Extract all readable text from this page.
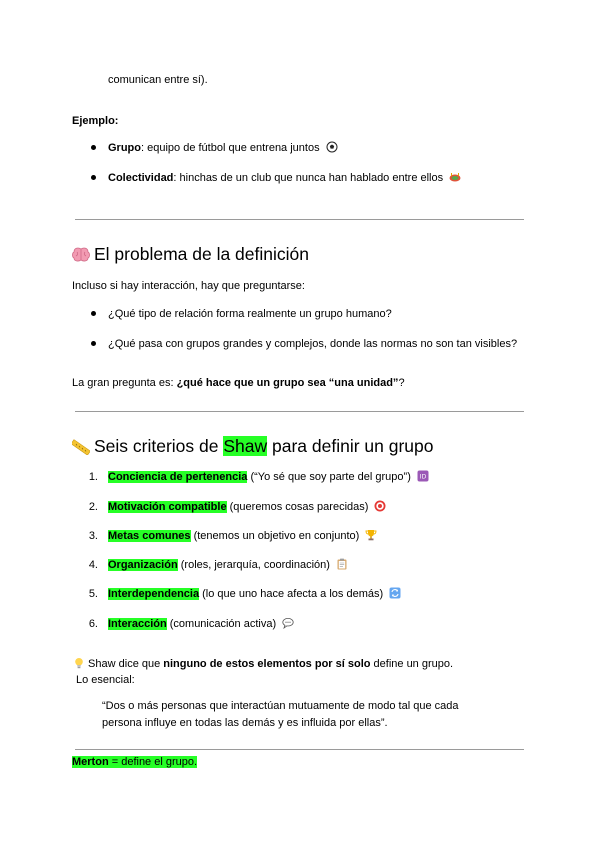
comunican entre sí).
Ejemplo:
Grupo: equipo de fútbol que entrena juntos
Colectividad: hinchas de un club que nunca han hablado entre ellos
El problema de la definición
Incluso si hay interacción, hay que preguntarse:
¿Qué tipo de relación forma realmente un grupo humano?
¿Qué pasa con grupos grandes y complejos, donde las normas no son tan visibles?
La gran pregunta es: ¿qué hace que un grupo sea “una unidad”?
Seis criterios de Shaw para definir un grupo
1. Conciencia de pertenencia (“Yo sé que soy parte del grupo”) ID
2. Motivación compatible (queremos cosas parecidas)
3. Metas comunes (tenemos un objetivo en conjunto)
4. Organización (roles, jerarquía, coordinación)
5. Interdependencia (lo que uno hace afecta a los demás)
6. Interacción (comunicación activa)
Shaw dice que ninguno de estos elementos por sí solo define un grupo.
Lo esencial:
“Dos o más personas que interactúan mutuamente de modo tal que cada
persona influye en todas las demás y es influida por ellas”.
Merton = define el grupo.
